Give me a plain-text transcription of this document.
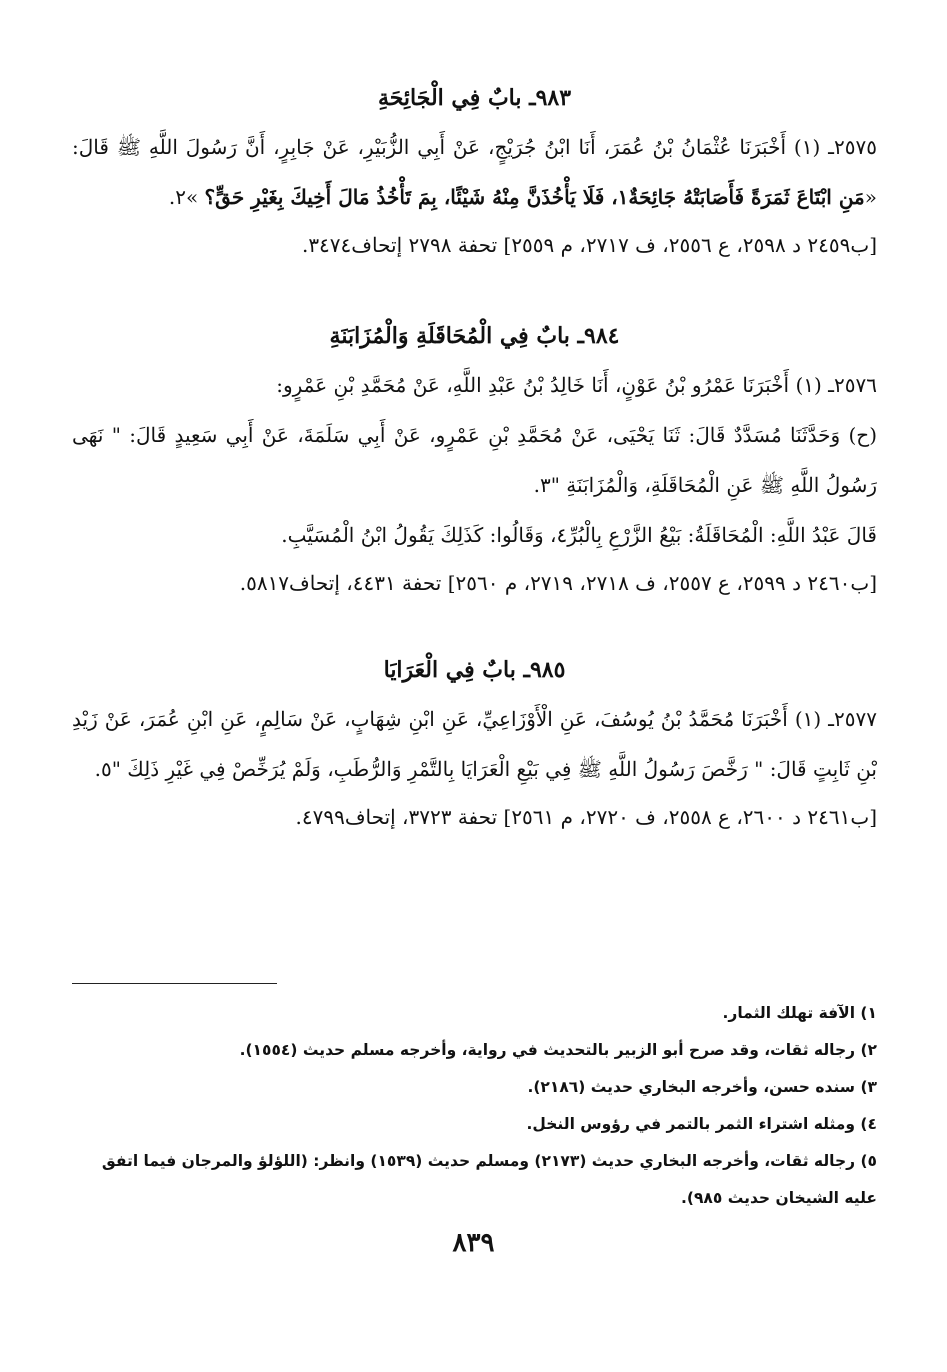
٩٨٣ـ بابٌ فِي الْجَائِحَةِ

٢٥٧٥ـ (١) أَخْبَرَنَا عُثْمَانُ بْنُ عُمَرَ، أَنَا ابْنُ جُرَيْجٍ، عَنْ أَبِي الزُّبَيْرِ، عَنْ جَابِرٍ، أَنَّ رَسُولَ اللَّهِ ﷺ قَالَ: «مَنِ ابْتَاعَ ثَمَرَةً فَأَصَابَتْهُ جَائِحَةٌ١، فَلَا يَأْخُذَنَّ مِنْهُ شَيْئًا، بِمَ تَأْخُذُ مَالَ أَخِيكَ بِغَيْرِ حَقٍّ؟ »٢.

[ب٢٤٥٩ د ٢٥٩٨، ع ٢٥٥٦، ف ٢٧١٧، م ٢٥٥٩] تحفة ٢٧٩٨ إتحاف٣٤٧٤.

٩٨٤ـ بابٌ فِي الْمُحَاقَلَةِ وَالْمُزَابَنَةِ

٢٥٧٦ـ (١) أَخْبَرَنَا عَمْرُو بْنُ عَوْنٍ، أَنَا خَالِدُ بْنُ عَبْدِ اللَّهِ، عَنْ مُحَمَّدِ بْنِ عَمْرٍو:

(ح) وَحَدَّثَنَا مُسَدَّدٌ قَالَ: ثَنَا يَحْيَى، عَنْ مُحَمَّدِ بْنِ عَمْرٍو، عَنْ أَبِي سَلَمَةَ، عَنْ أَبِي سَعِيدٍ قَالَ: " نَهَى رَسُولُ اللَّهِ ﷺ عَنِ الْمُحَاقَلَةِ، وَالْمُزَابَنَةِ "٣.

قَالَ عَبْدُ اللَّهِ: الْمُحَاقَلَةُ: بَيْعُ الزَّرْعِ بِالْبُرِّ٤، وَقَالُوا: كَذَلِكَ يَقُولُ ابْنُ الْمُسَيَّبِ.

[ب٢٤٦٠ د ٢٥٩٩، ع ٢٥٥٧، ف ٢٧١٨، ٢٧١٩، م ٢٥٦٠] تحفة ٤٤٣١، إتحاف٥٨١٧.

٩٨٥ـ بابٌ فِي الْعَرَايَا

٢٥٧٧ـ (١) أَخْبَرَنَا مُحَمَّدُ بْنُ يُوسُفَ، عَنِ الْأَوْزَاعِيِّ، عَنِ ابْنِ شِهَابٍ، عَنْ سَالِمٍ، عَنِ ابْنِ عُمَرَ، عَنْ زَيْدِ بْنِ ثَابِتٍ قَالَ: " رَخَّصَ رَسُولُ اللَّهِ ﷺ فِي بَيْعِ الْعَرَايَا بِالتَّمْرِ وَالرُّطَبِ، وَلَمْ يُرَخِّصْ فِي غَيْرِ ذَلِكَ "٥.

[ب٢٤٦١ د ٢٦٠٠، ع ٢٥٥٨، ف ٢٧٢٠، م ٢٥٦١] تحفة ٣٧٢٣، إتحاف٤٧٩٩.

١) الآفة تهلك الثمار.

٢) رجاله ثقات، وقد صرح أبو الزبير بالتحديث في رواية، وأخرجه مسلم حديث (١٥٥٤).

٣) سنده حسن، وأخرجه البخاري حديث (٢١٨٦).

٤) ومثله اشتراء الثمر بالتمر في رؤوس النخل.

٥) رجاله ثقات، وأخرجه البخاري حديث (٢١٧٣) ومسلم حديث (١٥٣٩) وانظر: (اللؤلؤ والمرجان فيما اتفق عليه الشيخان حديث ٩٨٥).

٨٣٩
